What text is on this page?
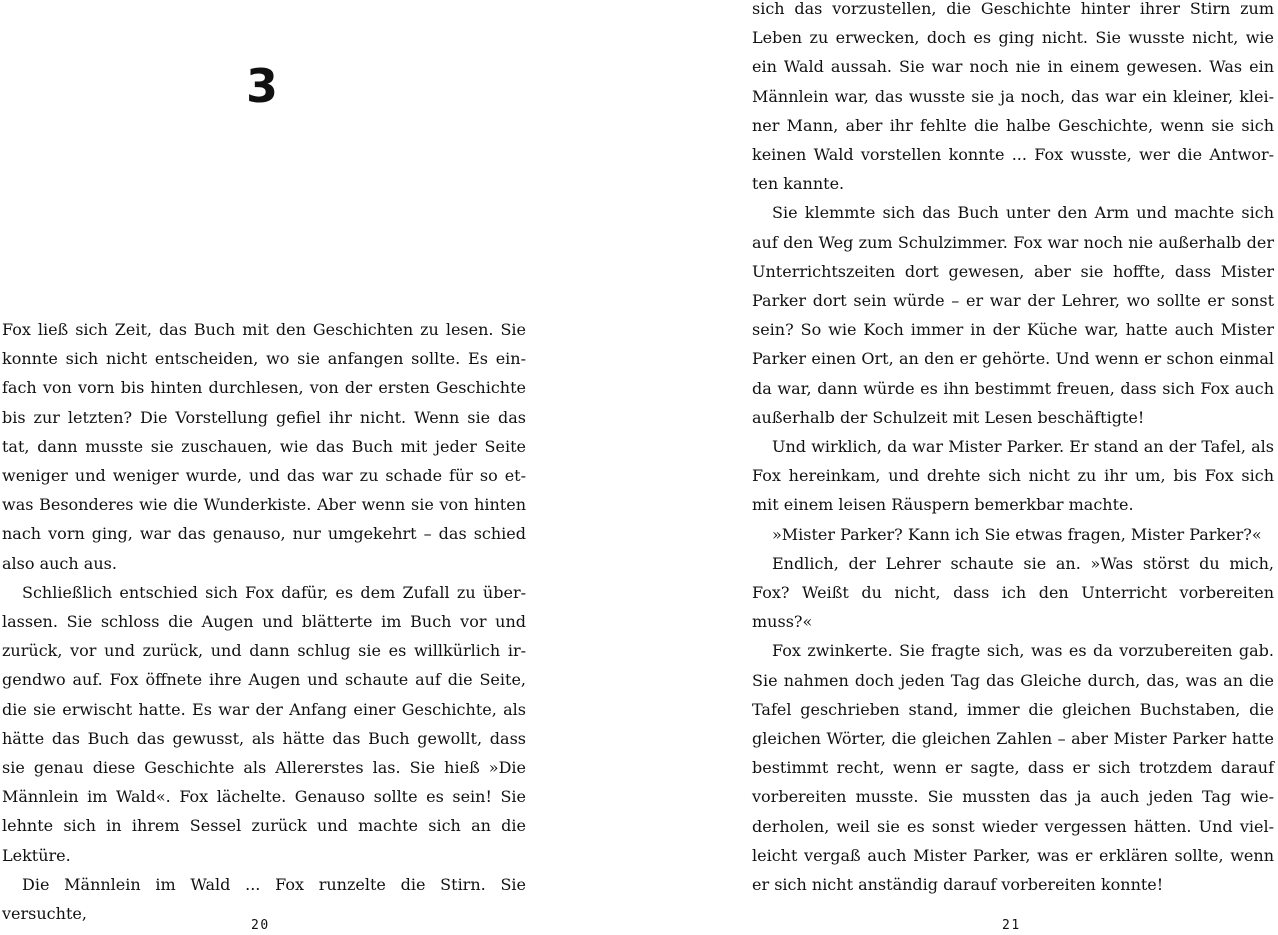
3

Fox ließ sich Zeit, das Buch mit den Geschichten zu lesen. Sie konnte sich nicht entscheiden, wo sie anfangen sollte. Es einfach von vorn bis hinten durchlesen, von der ersten Geschichte bis zur letzten? Die Vorstellung gefiel ihr nicht. Wenn sie das tat, dann musste sie zuschauen, wie das Buch mit jeder Seite weniger und weniger wurde, und das war zu schade für so etwas Besonderes wie die Wunderkiste. Aber wenn sie von hinten nach vorn ging, war das genauso, nur umgekehrt – das schied also auch aus.

Schließlich entschied sich Fox dafür, es dem Zufall zu überlassen. Sie schloss die Augen und blätterte im Buch vor und zurück, vor und zurück, und dann schlug sie es willkürlich irgendwo auf. Fox öffnete ihre Augen und schaute auf die Seite, die sie erwischt hatte. Es war der Anfang einer Geschichte, als hätte das Buch das gewusst, als hätte das Buch gewollt, dass sie genau diese Geschichte als Allererstes las. Sie hieß »Die Männlein im Wald«. Fox lächelte. Genauso sollte es sein! Sie lehnte sich in ihrem Sessel zurück und machte sich an die Lektüre.

Die Männlein im Wald ... Fox runzelte die Stirn. Sie versuchte,

20

sich das vorzustellen, die Geschichte hinter ihrer Stirn zum Leben zu erwecken, doch es ging nicht. Sie wusste nicht, wie ein Wald aussah. Sie war noch nie in einem gewesen. Was ein Männlein war, das wusste sie ja noch, das war ein kleiner, kleiner Mann, aber ihr fehlte die halbe Geschichte, wenn sie sich keinen Wald vorstellen konnte ... Fox wusste, wer die Antworten kannte.

Sie klemmte sich das Buch unter den Arm und machte sich auf den Weg zum Schulzimmer. Fox war noch nie außerhalb der Unterrichtszeiten dort gewesen, aber sie hoffte, dass Mister Parker dort sein würde – er war der Lehrer, wo sollte er sonst sein? So wie Koch immer in der Küche war, hatte auch Mister Parker einen Ort, an den er gehörte. Und wenn er schon einmal da war, dann würde es ihn bestimmt freuen, dass sich Fox auch außerhalb der Schulzeit mit Lesen beschäftigte!

Und wirklich, da war Mister Parker. Er stand an der Tafel, als Fox hereinkam, und drehte sich nicht zu ihr um, bis Fox sich mit einem leisen Räuspern bemerkbar machte.

»Mister Parker? Kann ich Sie etwas fragen, Mister Parker?«

Endlich, der Lehrer schaute sie an. »Was störst du mich, Fox? Weißt du nicht, dass ich den Unterricht vorbereiten muss?«

Fox zwinkerte. Sie fragte sich, was es da vorzubereiten gab. Sie nahmen doch jeden Tag das Gleiche durch, das, was an die Tafel geschrieben stand, immer die gleichen Buchstaben, die gleichen Wörter, die gleichen Zahlen – aber Mister Parker hatte bestimmt recht, wenn er sagte, dass er sich trotzdem darauf vorbereiten musste. Sie mussten das ja auch jeden Tag wiederholen, weil sie es sonst wieder vergessen hätten. Und vielleicht vergaß auch Mister Parker, was er erklären sollte, wenn er sich nicht anständig darauf vorbereiten konnte!

21
